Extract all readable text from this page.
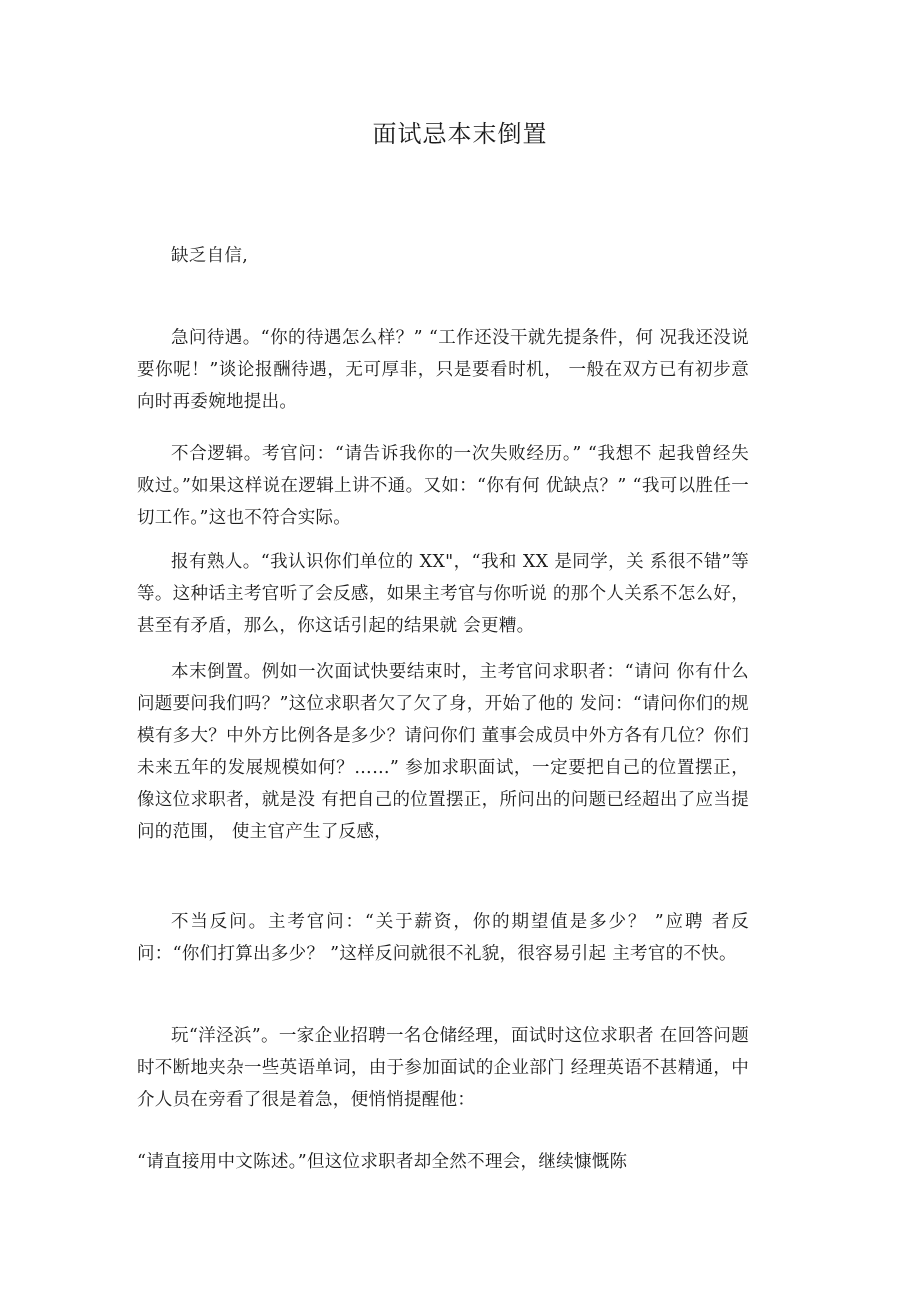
面试忌本末倒置

缺乏自信,

急问待遇。“你的待遇怎么样？” “工作还没干就先提条件，何 况我还没说要你呢！”谈论报酬待遇，无可厚非，只是要看时机， 一般在双方已有初步意向时再委婉地提出。

不合逻辑。考官问：“请告诉我你的一次失败经历。” “我想不 起我曾经失败过。”如果这样说在逻辑上讲不通。又如：“你有何 优缺点？” “我可以胜任一切工作。”这也不符合实际。

报有熟人。“我认识你们单位的 XX"，“我和 XX 是同学，关 系很不错”等等。这种话主考官听了会反感，如果主考官与你听说 的那个人关系不怎么好，甚至有矛盾，那么，你这话引起的结果就 会更糟。

本末倒置。例如一次面试快要结束时，主考官问求职者：“请问 你有什么问题要问我们吗？”这位求职者欠了欠了身，开始了他的 发问：“请问你们的规模有多大？中外方比例各是多少？请问你们 董事会成员中外方各有几位？你们未来五年的发展规模如何？……” 参加求职面试，一定要把自己的位置摆正，像这位求职者，就是没 有把自己的位置摆正，所问出的问题已经超出了应当提问的范围， 使主官产生了反感，

不当反问。主考官问：“关于薪资，你的期望值是多少？ ”应聘 者反问：“你们打算出多少？ ”这样反问就很不礼貌，很容易引起 主考官的不快。

玩“洋泾浜”。一家企业招聘一名仓储经理，面试时这位求职者 在回答问题时不断地夹杂一些英语单词，由于参加面试的企业部门 经理英语不甚精通，中介人员在旁看了很是着急，便悄悄提醒他：

“请直接用中文陈述。”但这位求职者却全然不理会，继续慷慨陈
